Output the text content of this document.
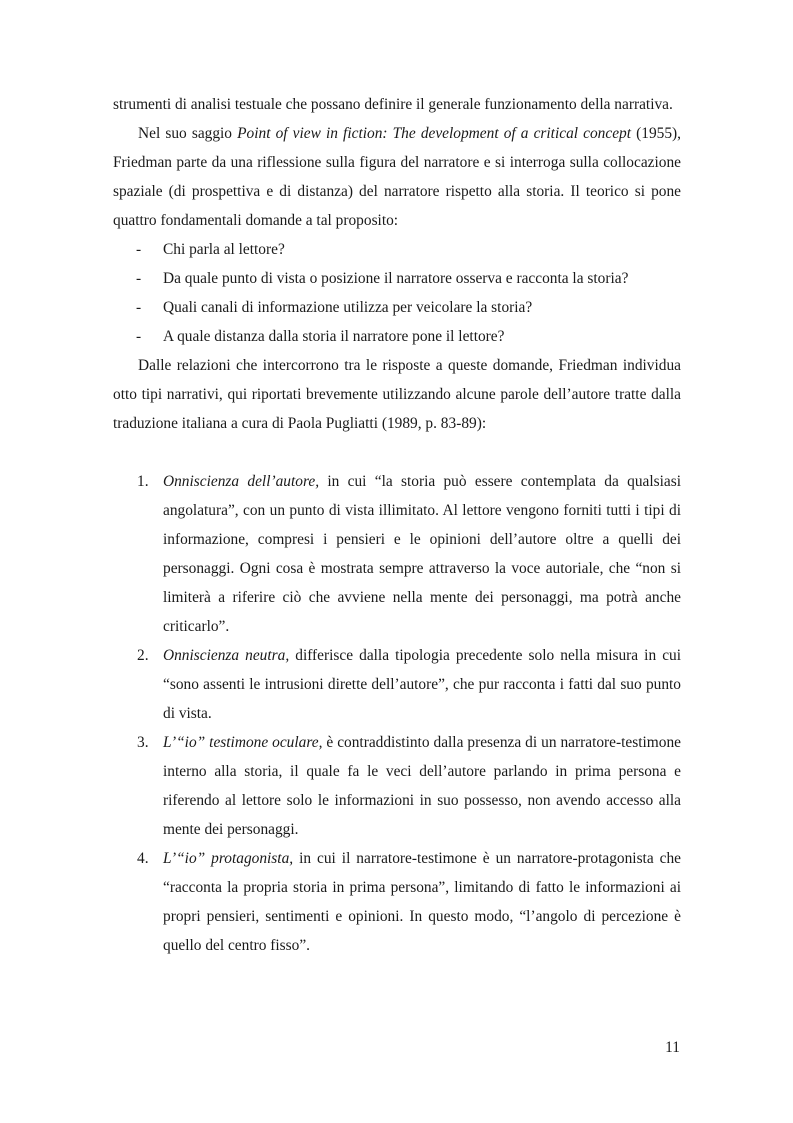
strumenti di analisi testuale che possano definire il generale funzionamento della narrativa.

Nel suo saggio Point of view in fiction: The development of a critical concept (1955), Friedman parte da una riflessione sulla figura del narratore e si interroga sulla collocazione spaziale (di prospettiva e di distanza) del narratore rispetto alla storia. Il teorico si pone quattro fondamentali domande a tal proposito:

- Chi parla al lettore?
- Da quale punto di vista o posizione il narratore osserva e racconta la storia?
- Quali canali di informazione utilizza per veicolare la storia?
- A quale distanza dalla storia il narratore pone il lettore?

Dalle relazioni che intercorrono tra le risposte a queste domande, Friedman individua otto tipi narrativi, qui riportati brevemente utilizzando alcune parole dell’autore tratte dalla traduzione italiana a cura di Paola Pugliatti (1989, p. 83-89):

1. Onniscienza dell’autore, in cui “la storia può essere contemplata da qualsiasi angolatura”, con un punto di vista illimitato. Al lettore vengono forniti tutti i tipi di informazione, compresi i pensieri e le opinioni dell’autore oltre a quelli dei personaggi. Ogni cosa è mostrata sempre attraverso la voce autoriale, che “non si limiterà a riferire ciò che avviene nella mente dei personaggi, ma potrà anche criticarlo”.
2. Onniscienza neutra, differisce dalla tipologia precedente solo nella misura in cui “sono assenti le intrusioni dirette dell’autore”, che pur racconta i fatti dal suo punto di vista.
3. L’“io” testimone oculare, è contraddistinto dalla presenza di un narratore-testimone interno alla storia, il quale fa le veci dell’autore parlando in prima persona e riferendo al lettore solo le informazioni in suo possesso, non avendo accesso alla mente dei personaggi.
4. L’“io” protagonista, in cui il narratore-testimone è un narratore-protagonista che “racconta la propria storia in prima persona”, limitando di fatto le informazioni ai propri pensieri, sentimenti e opinioni. In questo modo, “l’angolo di percezione è quello del centro fisso”.
11
